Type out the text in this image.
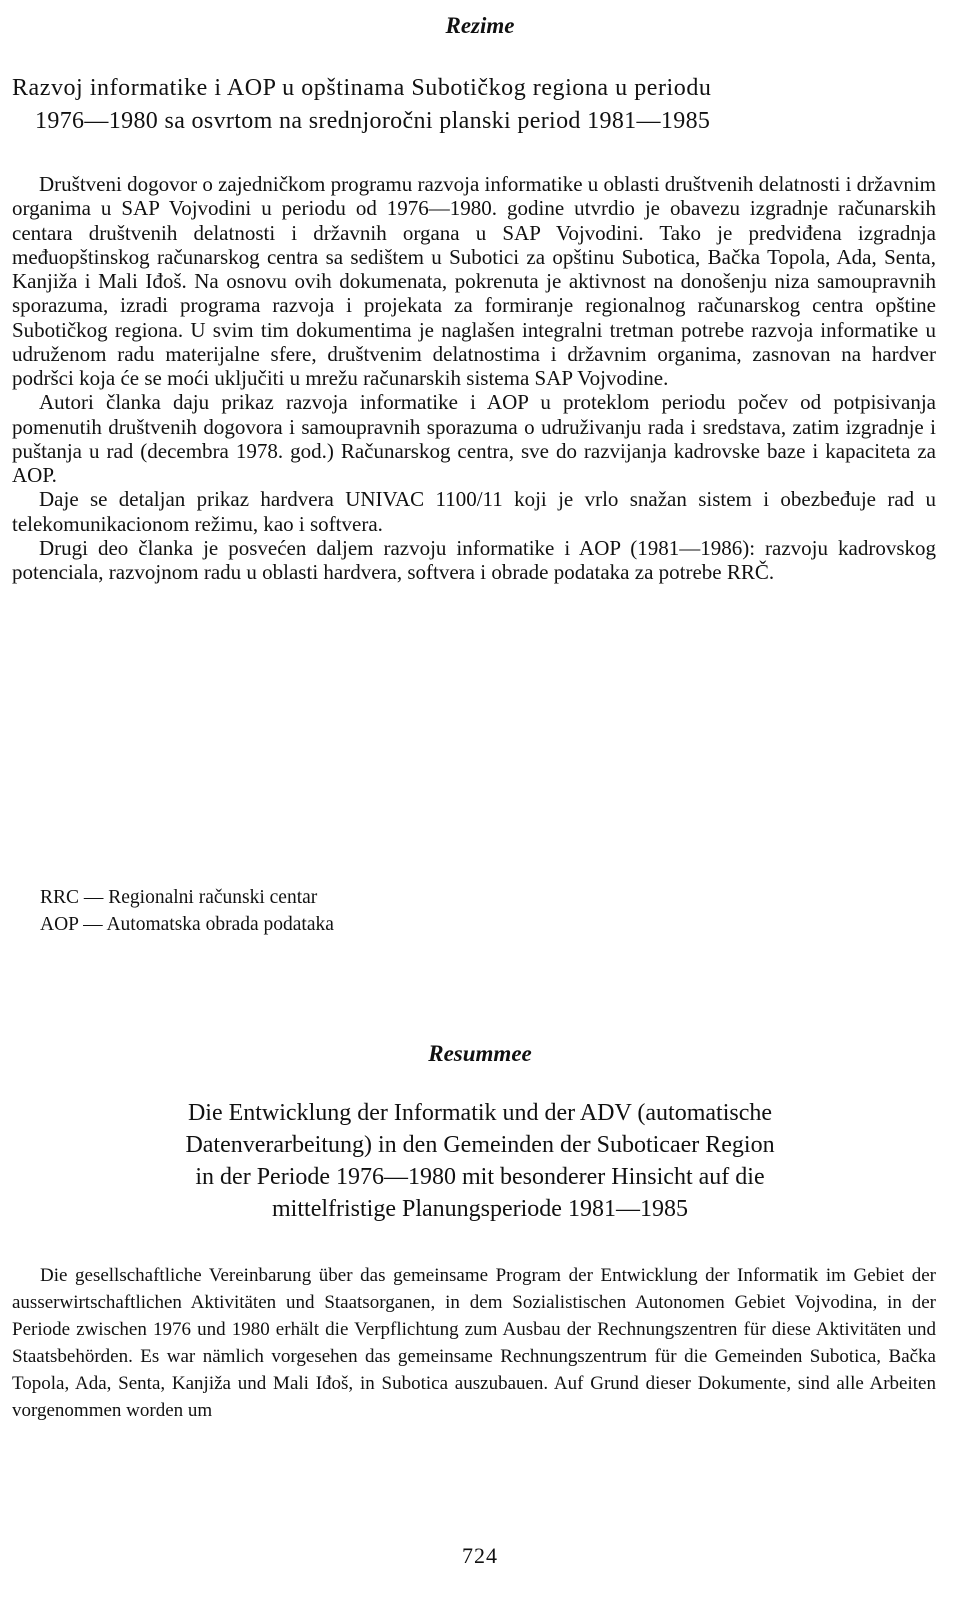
Rezime
Razvoj informatike i AOP u opštinama Subotičkog regiona u periodu
1976—1980 sa osvrtom na srednjoročni planski period 1981—1985

Društveni dogovor o zajedničkom programu razvoja informatike u oblasti društvenih delatnosti i državnim organima u SAP Vojvodini u periodu od 1976—1980. godine utvrdio je obavezu izgradnje računarskih centara društvenih delatnosti i državnih organa u SAP Vojvodini. Tako je predviđena izgradnja međuopštinskog računarskog centra sa sedištem u Subotici za opštinu Subotica, Bačka Topola, Ada, Senta, Kanjiža i Mali Iđoš. Na osnovu ovih dokumenata, pokrenuta je aktivnost na donošenju niza samoupravnih sporazuma, izradi programa razvoja i projekata za formiranje regionalnog računarskog centra opštine Subotičkog regiona. U svim tim dokumentima je naglašen integralni tretman potrebe razvoja informatike u udruženom radu materijalne sfere, društvenim delatnostima i državnim organima, zasnovan na hardver podršci koja će se moći uključiti u mrežu računarskih sistema SAP Vojvodine.

Autori članka daju prikaz razvoja informatike i AOP u proteklom periodu počev od potpisivanja pomenutih društvenih dogovora i samoupravnih sporazuma o udruživanju rada i sredstava, zatim izgradnje i puštanja u rad (decembra 1978. god.) Računarskog centra, sve do razvijanja kadrovske baze i kapaciteta za AOP.

Daje se detaljan prikaz hardvera UNIVAC 1100/11 koji je vrlo snažan sistem i obezbeđuje rad u telekomunikacionom režimu, kao i softvera.

Drugi deo članka je posvećen daljem razvoju informatike i AOP (1981—1986): razvoju kadrovskog potenciala, razvojnom radu u oblasti hardvera, softvera i obrade podataka za potrebe RRČ.

RRC — Regionalni računski centar
AOP — Automatska obrada podataka
Resummee
Die Entwicklung der Informatik und der ADV (automatische
Datenverarbeitung) in den Gemeinden der Suboticaer Region
in der Periode 1976—1980 mit besonderer Hinsicht auf die
mittelfristige Planungsperiode 1981—1985

Die gesellschaftliche Vereinbarung über das gemeinsame Program der Entwicklung der Informatik im Gebiet der ausserwirtschaftlichen Aktivitäten und Staatsorganen, in dem Sozialistischen Autonomen Gebiet Vojvodina, in der Periode zwischen 1976 und 1980 erhält die Verpflichtung zum Ausbau der Rechnungszentren für diese Aktivitäten und Staatsbehörden. Es war nämlich vorgesehen das gemeinsame Rechnungszentrum für die Gemeinden Subotica, Bačka Topola, Ada, Senta, Kanjiža und Mali Iđoš, in Subotica auszubauen. Auf Grund dieser Dokumente, sind alle Arbeiten vorgenommen worden um

724
